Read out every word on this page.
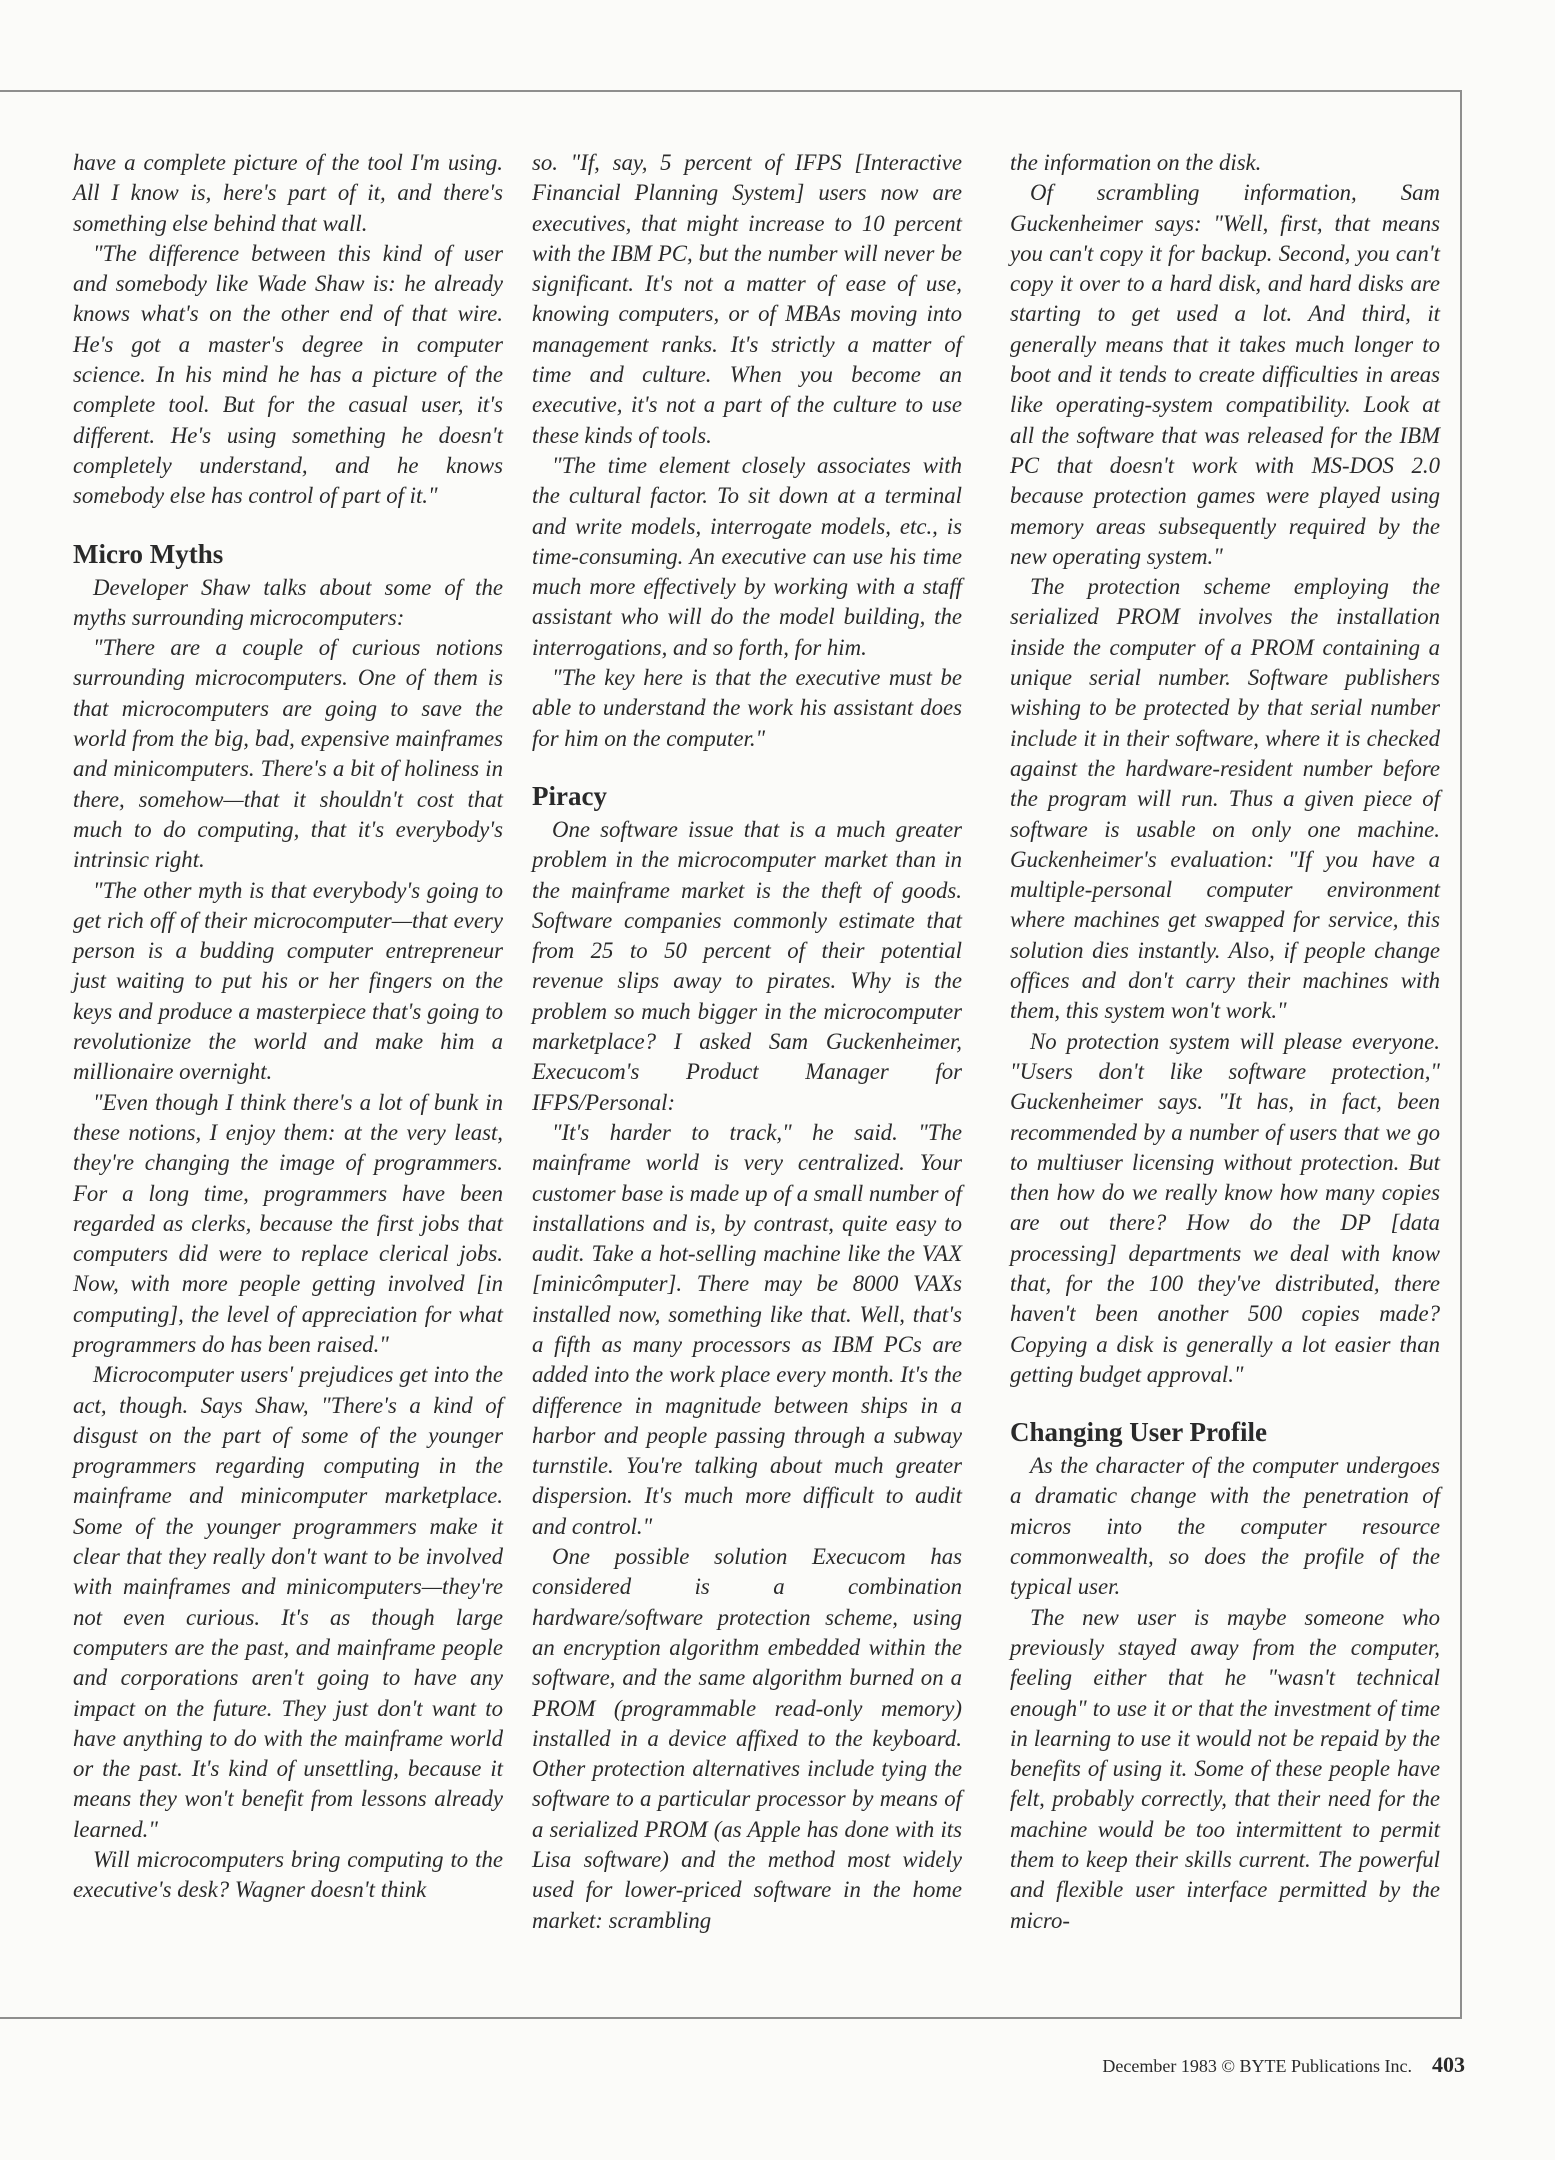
have a complete picture of the tool I'm using. All I know is, here's part of it, and there's something else behind that wall.

"The difference between this kind of user and somebody like Wade Shaw is: he already knows what's on the other end of that wire. He's got a master's degree in computer science. In his mind he has a picture of the complete tool. But for the casual user, it's different. He's using something he doesn't completely understand, and he knows somebody else has control of part of it."

Micro Myths

Developer Shaw talks about some of the myths surrounding microcomputers:

"There are a couple of curious notions surrounding microcomputers. One of them is that microcomputers are going to save the world from the big, bad, expensive mainframes and minicomputers. There's a bit of holiness in there, somehow—that it shouldn't cost that much to do computing, that it's everybody's intrinsic right.

"The other myth is that everybody's going to get rich off of their microcomputer—that every person is a budding computer entrepreneur just waiting to put his or her fingers on the keys and produce a masterpiece that's going to revolutionize the world and make him a millionaire overnight.

"Even though I think there's a lot of bunk in these notions, I enjoy them: at the very least, they're changing the image of programmers. For a long time, programmers have been regarded as clerks, because the first jobs that computers did were to replace clerical jobs. Now, with more people getting involved [in computing], the level of appreciation for what programmers do has been raised."

Microcomputer users' prejudices get into the act, though. Says Shaw, "There's a kind of disgust on the part of some of the younger programmers regarding computing in the mainframe and minicomputer marketplace. Some of the younger programmers make it clear that they really don't want to be involved with mainframes and minicomputers—they're not even curious. It's as though large computers are the past, and mainframe people and corporations aren't going to have any impact on the future. They just don't want to have anything to do with the mainframe world or the past. It's kind of unsettling, because it means they won't benefit from lessons already learned."

Will microcomputers bring computing to the executive's desk? Wagner doesn't think

so. "If, say, 5 percent of IFPS [Interactive Financial Planning System] users now are executives, that might increase to 10 percent with the IBM PC, but the number will never be significant. It's not a matter of ease of use, knowing computers, or of MBAs moving into management ranks. It's strictly a matter of time and culture. When you become an executive, it's not a part of the culture to use these kinds of tools.

"The time element closely associates with the cultural factor. To sit down at a terminal and write models, interrogate models, etc., is time-consuming. An executive can use his time much more effectively by working with a staff assistant who will do the model building, the interrogations, and so forth, for him.

"The key here is that the executive must be able to understand the work his assistant does for him on the computer."

Piracy

One software issue that is a much greater problem in the microcomputer market than in the mainframe market is the theft of goods. Software companies commonly estimate that from 25 to 50 percent of their potential revenue slips away to pirates. Why is the problem so much bigger in the microcomputer marketplace? I asked Sam Guckenheimer, Execucom's Product Manager for IFPS/Personal:

"It's harder to track," he said. "The mainframe world is very centralized. Your customer base is made up of a small number of installations and is, by contrast, quite easy to audit. Take a hot-selling machine like the VAX [minicômputer]. There may be 8000 VAXs installed now, something like that. Well, that's a fifth as many processors as IBM PCs are added into the work place every month. It's the difference in magnitude between ships in a harbor and people passing through a subway turnstile. You're talking about much greater dispersion. It's much more difficult to audit and control."

One possible solution Execucom has considered is a combination hardware/software protection scheme, using an encryption algorithm embedded within the software, and the same algorithm burned on a PROM (programmable read-only memory) installed in a device affixed to the keyboard. Other protection alternatives include tying the software to a particular processor by means of a serialized PROM (as Apple has done with its Lisa software) and the method most widely used for lower-priced software in the home market: scrambling

the information on the disk.

Of scrambling information, Sam Guckenheimer says: "Well, first, that means you can't copy it for backup. Second, you can't copy it over to a hard disk, and hard disks are starting to get used a lot. And third, it generally means that it takes much longer to boot and it tends to create difficulties in areas like operating-system compatibility. Look at all the software that was released for the IBM PC that doesn't work with MS-DOS 2.0 because protection games were played using memory areas subsequently required by the new operating system."

The protection scheme employing the serialized PROM involves the installation inside the computer of a PROM containing a unique serial number. Software publishers wishing to be protected by that serial number include it in their software, where it is checked against the hardware-resident number before the program will run. Thus a given piece of software is usable on only one machine. Guckenheimer's evaluation: "If you have a multiple-personal computer environment where machines get swapped for service, this solution dies instantly. Also, if people change offices and don't carry their machines with them, this system won't work."

No protection system will please everyone. "Users don't like software protection," Guckenheimer says. "It has, in fact, been recommended by a number of users that we go to multiuser licensing without protection. But then how do we really know how many copies are out there? How do the DP [data processing] departments we deal with know that, for the 100 they've distributed, there haven't been another 500 copies made? Copying a disk is generally a lot easier than getting budget approval."

Changing User Profile

As the character of the computer undergoes a dramatic change with the penetration of micros into the computer resource commonwealth, so does the profile of the typical user.

The new user is maybe someone who previously stayed away from the computer, feeling either that he "wasn't technical enough" to use it or that the investment of time in learning to use it would not be repaid by the benefits of using it. Some of these people have felt, probably correctly, that their need for the machine would be too intermittent to permit them to keep their skills current. The powerful and flexible user interface permitted by the micro-

December 1983 © BYTE Publications Inc. 403
